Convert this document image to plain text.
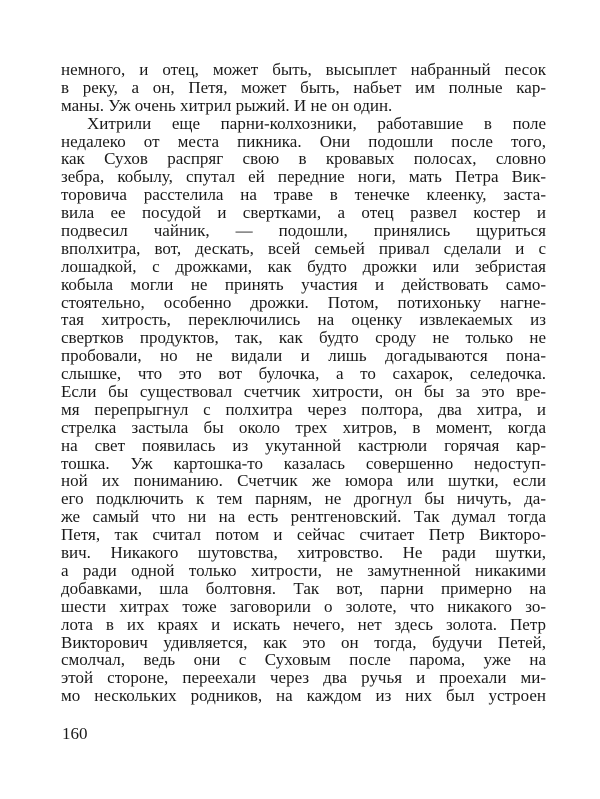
немного, и отец, может быть, высыплет набранный песок
в реку, а он, Петя, может быть, набьет им полные кар-
маны. Уж очень хитрил рыжий. И не он один.
Хитрили еще парни-колхозники, работавшие в поле
недалеко от места пикника. Они подошли после того,
как Сухов распряг свою в кровавых полосах, словно
зебра, кобылу, спутал ей передние ноги, мать Петра Вик-
торовича расстелила на траве в тенечке клеенку, заста-
вила ее посудой и свертками, а отец развел костер и
подвесил чайник, — подошли, принялись щуриться
вполхитра, вот, дескать, всей семьей привал сделали и с
лошадкой, с дрожками, как будто дрожки или зебристая
кобыла могли не принять участия и действовать само-
стоятельно, особенно дрожки. Потом, потихоньку нагне-
тая хитрость, переключились на оценку извлекаемых из
свертков продуктов, так, как будто сроду не только не
пробовали, но не видали и лишь догадываются пона-
слышке, что это вот булочка, а то сахарок, селедочка.
Если бы существовал счетчик хитрости, он бы за это вре-
мя перепрыгнул с полхитра через полтора, два хитра, и
стрелка застыла бы около трех хитров, в момент, когда
на свет появилась из укутанной кастрюли горячая кар-
тошка. Уж картошка-то казалась совершенно недоступ-
ной их пониманию. Счетчик же юмора или шутки, если
его подключить к тем парням, не дрогнул бы ничуть, да-
же самый что ни на есть рентгеновский. Так думал тогда
Петя, так считал потом и сейчас считает Петр Викторо-
вич. Никакого шутовства, хитровство. Не ради шутки,
а ради одной только хитрости, не замутненной никакими
добавками, шла болтовня. Так вот, парни примерно на
шести хитрах тоже заговорили о золоте, что никакого зо-
лота в их краях и искать нечего, нет здесь золота. Петр
Викторович удивляется, как это он тогда, будучи Петей,
смолчал, ведь они с Суховым после парома, уже на
этой стороне, переехали через два ручья и проехали ми-
мо нескольких родников, на каждом из них был устроен
160
